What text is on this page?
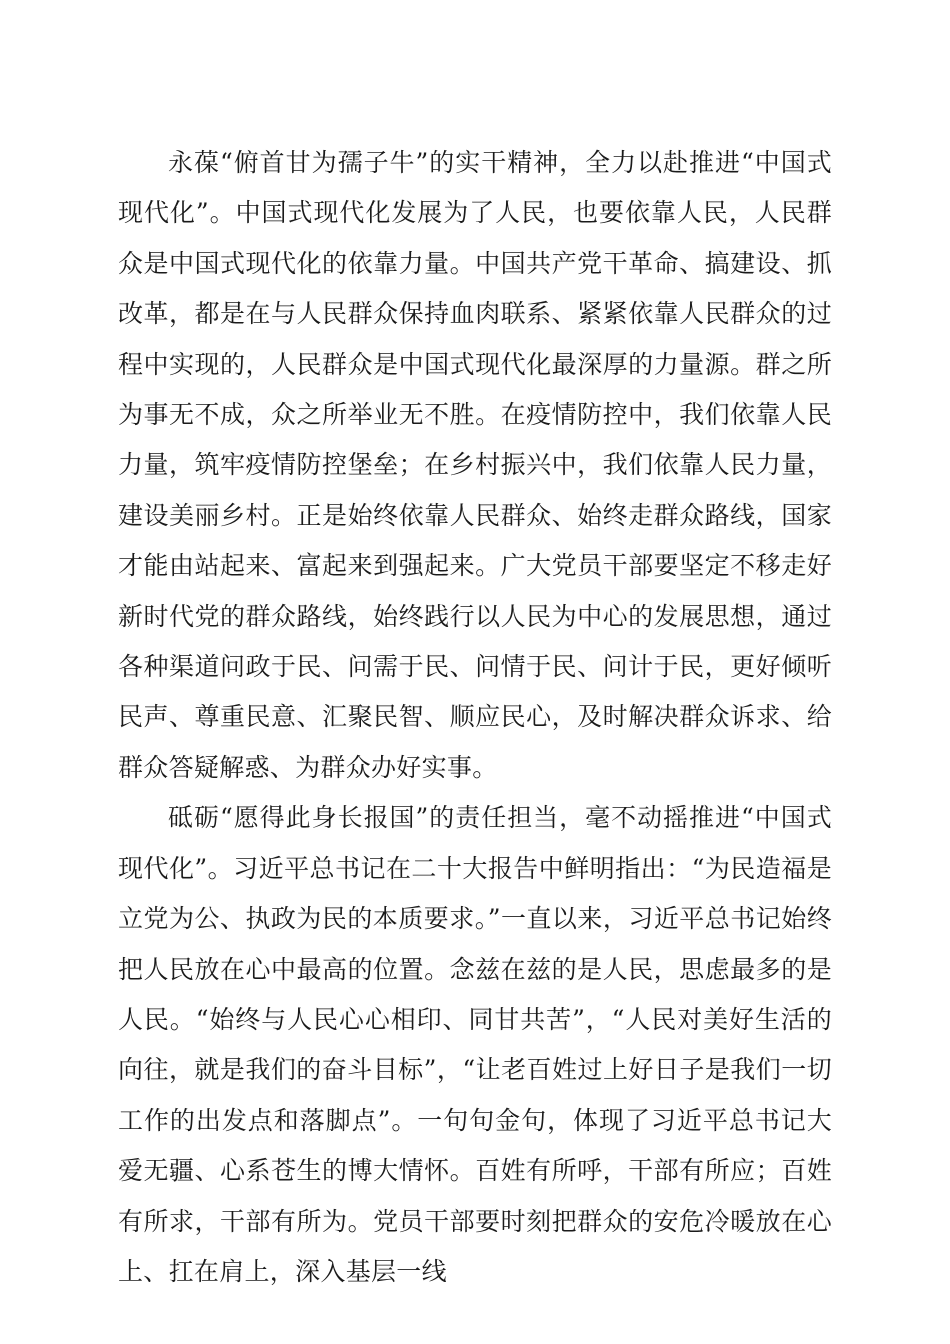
永葆“俯首甘为孺子牛”的实干精神，全力以赴推进“中国式现代化”。中国式现代化发展为了人民，也要依靠人民，人民群众是中国式现代化的依靠力量。中国共产党干革命、搞建设、抓改革，都是在与人民群众保持血肉联系、紧紧依靠人民群众的过程中实现的，人民群众是中国式现代化最深厚的力量源。群之所为事无不成，众之所举业无不胜。在疫情防控中，我们依靠人民力量，筑牢疫情防控堡垒；在乡村振兴中，我们依靠人民力量，建设美丽乡村。正是始终依靠人民群众、始终走群众路线，国家才能由站起来、富起来到强起来。广大党员干部要坚定不移走好新时代党的群众路线，始终践行以人民为中心的发展思想，通过各种渠道问政于民、问需于民、问情于民、问计于民，更好倾听民声、尊重民意、汇聚民智、顺应民心，及时解决群众诉求、给群众答疑解惑、为群众办好实事。

砥砺“愿得此身长报国”的责任担当，毫不动摇推进“中国式现代化”。习近平总书记在二十大报告中鲜明指出：“为民造福是立党为公、执政为民的本质要求。”一直以来，习近平总书记始终把人民放在心中最高的位置。念兹在兹的是人民，思虑最多的是人民。“始终与人民心心相印、同甘共苦”，“人民对美好生活的向往，就是我们的奋斗目标”，“让老百姓过上好日子是我们一切工作的出发点和落脚点”。一句句金句，体现了习近平总书记大爱无疆、心系苍生的博大情怀。百姓有所呼，干部有所应；百姓有所求，干部有所为。党员干部要时刻把群众的安危冷暖放在心上、扛在肩上，深入基层一线
